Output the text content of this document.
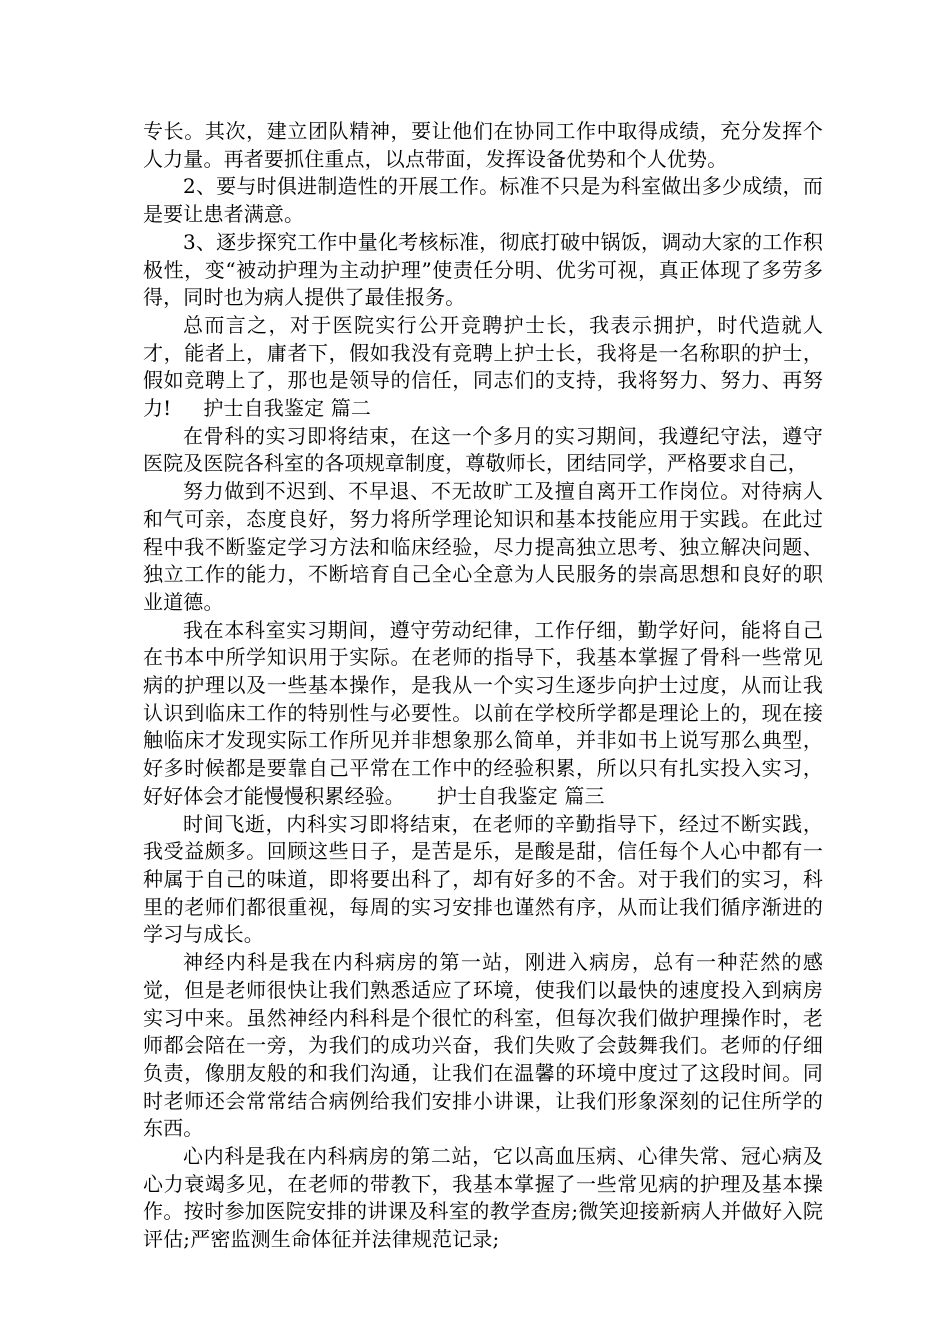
专长。其次，建立团队精神，要让他们在协同工作中取得成绩，充分发挥个人力量。再者要抓住重点，以点带面，发挥设备优势和个人优势。

2、要与时俱进制造性的开展工作。标准不只是为科室做出多少成绩，而是要让患者满意。

3、逐步探究工作中量化考核标准，彻底打破中锅饭，调动大家的工作积极性，变“被动护理为主动护理”使责任分明、优劣可视，真正体现了多劳多得，同时也为病人提供了最佳报务。

总而言之，对于医院实行公开竞聘护士长，我表示拥护，时代造就人才，能者上，庸者下，假如我没有竞聘上护士长，我将是一名称职的护士，假如竞聘上了，那也是领导的信任，同志们的支持，我将努力、努力、再努力! 护士自我鉴定 篇二

在骨科的实习即将结束，在这一个多月的实习期间，我遵纪守法，遵守医院及医院各科室的各项规章制度，尊敬师长，团结同学，严格要求自己，

努力做到不迟到、不早退、不无故旷工及擅自离开工作岗位。对待病人和气可亲，态度良好，努力将所学理论知识和基本技能应用于实践。在此过程中我不断鉴定学习方法和临床经验，尽力提高独立思考、独立解决问题、独立工作的能力，不断培育自己全心全意为人民服务的崇高思想和良好的职业道德。

我在本科室实习期间，遵守劳动纪律，工作仔细，勤学好问，能将自己在书本中所学知识用于实际。在老师的指导下，我基本掌握了骨科一些常见病的护理以及一些基本操作，是我从一个实习生逐步向护士过度，从而让我认识到临床工作的特别性与必要性。以前在学校所学都是理论上的，现在接触临床才发现实际工作所见并非想象那么简单，并非如书上说写那么典型，好多时候都是要靠自己平常在工作中的经验积累，所以只有扎实投入实习，好好体会才能慢慢积累经验。 护士自我鉴定 篇三

时间飞逝，内科实习即将结束，在老师的辛勤指导下，经过不断实践，我受益颇多。回顾这些日子，是苦是乐，是酸是甜，信任每个人心中都有一种属于自己的味道，即将要出科了，却有好多的不舍。对于我们的实习，科里的老师们都很重视，每周的实习安排也谨然有序，从而让我们循序渐进的学习与成长。

神经内科是我在内科病房的第一站，刚进入病房，总有一种茫然的感觉，但是老师很快让我们熟悉适应了环境，使我们以最快的速度投入到病房实习中来。虽然神经内科科是个很忙的科室，但每次我们做护理操作时，老师都会陪在一旁，为我们的成功兴奋，我们失败了会鼓舞我们。老师的仔细负责，像朋友般的和我们沟通，让我们在温馨的环境中度过了这段时间。同时老师还会常常结合病例给我们安排小讲课，让我们形象深刻的记住所学的东西。

心内科是我在内科病房的第二站，它以高血压病、心律失常、冠心病及心力衰竭多见，在老师的带教下，我基本掌握了一些常见病的护理及基本操作。按时参加医院安排的讲课及科室的教学查房;微笑迎接新病人并做好入院评估;严密监测生命体征并法律规范记录;
